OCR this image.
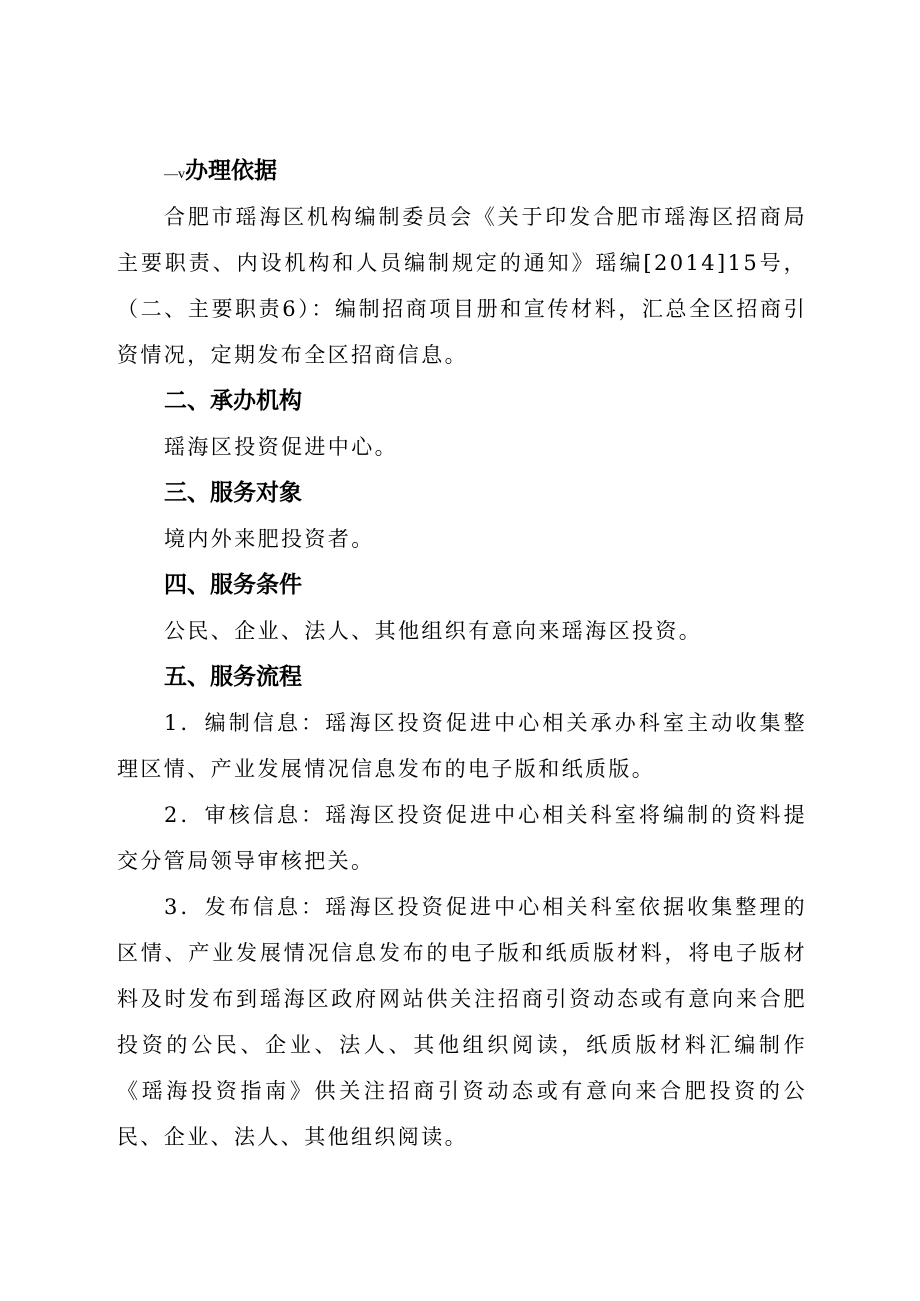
—v办理依据

合肥市瑶海区机构编制委员会《关于印发合肥市瑶海区招商局主要职责、内设机构和人员编制规定的通知》瑶编[2014]15号，（二、主要职责6）：编制招商项目册和宣传材料，汇总全区招商引资情况，定期发布全区招商信息。

二、承办机构

瑶海区投资促进中心。

三、服务对象

境内外来肥投资者。

四、服务条件

公民、企业、法人、其他组织有意向来瑶海区投资。

五、服务流程

1．编制信息：瑶海区投资促进中心相关承办科室主动收集整理区情、产业发展情况信息发布的电子版和纸质版。

2．审核信息：瑶海区投资促进中心相关科室将编制的资料提交分管局领导审核把关。

3．发布信息：瑶海区投资促进中心相关科室依据收集整理的区情、产业发展情况信息发布的电子版和纸质版材料，将电子版材料及时发布到瑶海区政府网站供关注招商引资动态或有意向来合肥投资的公民、企业、法人、其他组织阅读，纸质版材料汇编制作《瑶海投资指南》供关注招商引资动态或有意向来合肥投资的公民、企业、法人、其他组织阅读。
